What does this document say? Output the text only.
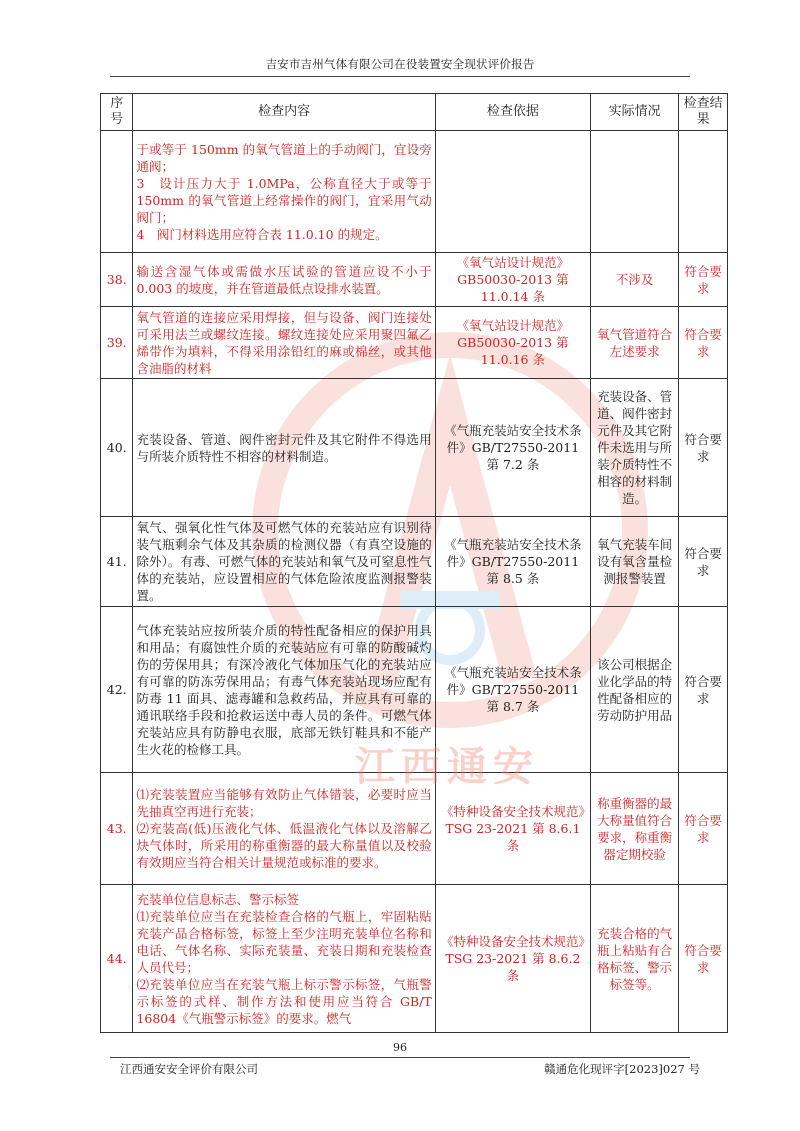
吉安市吉州气体有限公司在役装置安全现状评价报告
序号	检查内容	检查依据	实际情况	检查结果

	于或等于 150mm 的氧气管道上的手动阀门，宜设旁通阀；
3　设计压力大于 1.0MPa，公称直径大于或等于 150mm 的氧气管道上经常操作的阀门，宜采用气动阀门；
4　阀门材料选用应符合表 11.0.10 的规定。			

38.	输送含湿气体或需做水压试验的管道应设不小于 0.003 的坡度，并在管道最低点设排水装置。	《氧气站设计规范》GB50030-2013 第 11.0.14 条	不涉及	符合要求
39.	氧气管道的连接应采用焊接，但与设备、阀门连接处可采用法兰或螺纹连接。螺纹连接处应采用聚四氟乙烯带作为填料，不得采用涂铅红的麻或棉丝，或其他含油脂的材料	《氧气站设计规范》GB50030-2013 第 11.0.16 条	氧气管道符合左述要求	符合要求
40.	充装设备、管道、阀件密封元件及其它附件不得选用与所装介质特性不相容的材料制造。	《气瓶充装站安全技术条件》GB/T27550-2011 第 7.2 条	充装设备、管道、阀件密封元件及其它附件未选用与所装介质特性不相容的材料制造。	符合要求
41.	氧气、强氧化性气体及可燃气体的充装站应有识别待装气瓶剩余气体及其杂质的检测仪器（有真空设施的除外）。有毒、可燃气体的充装站和氧气及可窒息性气体的充装站，应设置相应的气体危险浓度监测报警装置。	《气瓶充装站安全技术条件》GB/T27550-2011 第 8.5 条	氧气充装车间设有氧含量检测报警装置	符合要求
42.	气体充装站应按所装介质的特性配备相应的保护用具和用品；有腐蚀性介质的充装站应有可靠的防酸碱灼伤的劳保用具；有深冷液化气体加压气化的充装站应有可靠的防冻劳保用品；有毒气体充装站现场应配有防毒 11 面具、滤毒罐和急救药品，并应具有可靠的通讯联络手段和抢救运送中毒人员的条件。可燃气体充装站应具有防静电衣服，底部无铁钉鞋具和不能产生火花的检修工具。	《气瓶充装站安全技术条件》GB/T27550-2011 第 8.7 条	该公司根据企业化学品的特性配备相应的劳动防护用品	符合要求
43.	⑴充装装置应当能够有效防止气体错装，必要时应当先抽真空再进行充装；
⑵充装高(低)压液化气体、低温液化气体以及溶解乙炔气体时，所采用的称重衡器的最大称量值以及校验有效期应当符合相关计量规范或标准的要求。	《特种设备安全技术规范》TSG 23-2021 第 8.6.1 条	称重衡器的最大称量值符合要求，称重衡器定期校验	符合要求
44.	充装单位信息标志、警示标签
⑴充装单位应当在充装检查合格的气瓶上，牢固粘贴充装产品合格标签，标签上至少注明充装单位名称和电话、气体名称、实际充装量、充装日期和充装检查人员代号；
⑵充装单位应当在充装气瓶上标示警示标签，气瓶警示标签的式样、制作方法和使用应当符合 GB/T 16804《气瓶警示标签》的要求。燃气	《特种设备安全技术规范》TSG 23-2021 第 8.6.2 条	充装合格的气瓶上粘贴有合格标签、警示标签等。	符合要求
江西通安
96
江西通安安全评价有限公司	赣通危化现评字[2023]027 号
